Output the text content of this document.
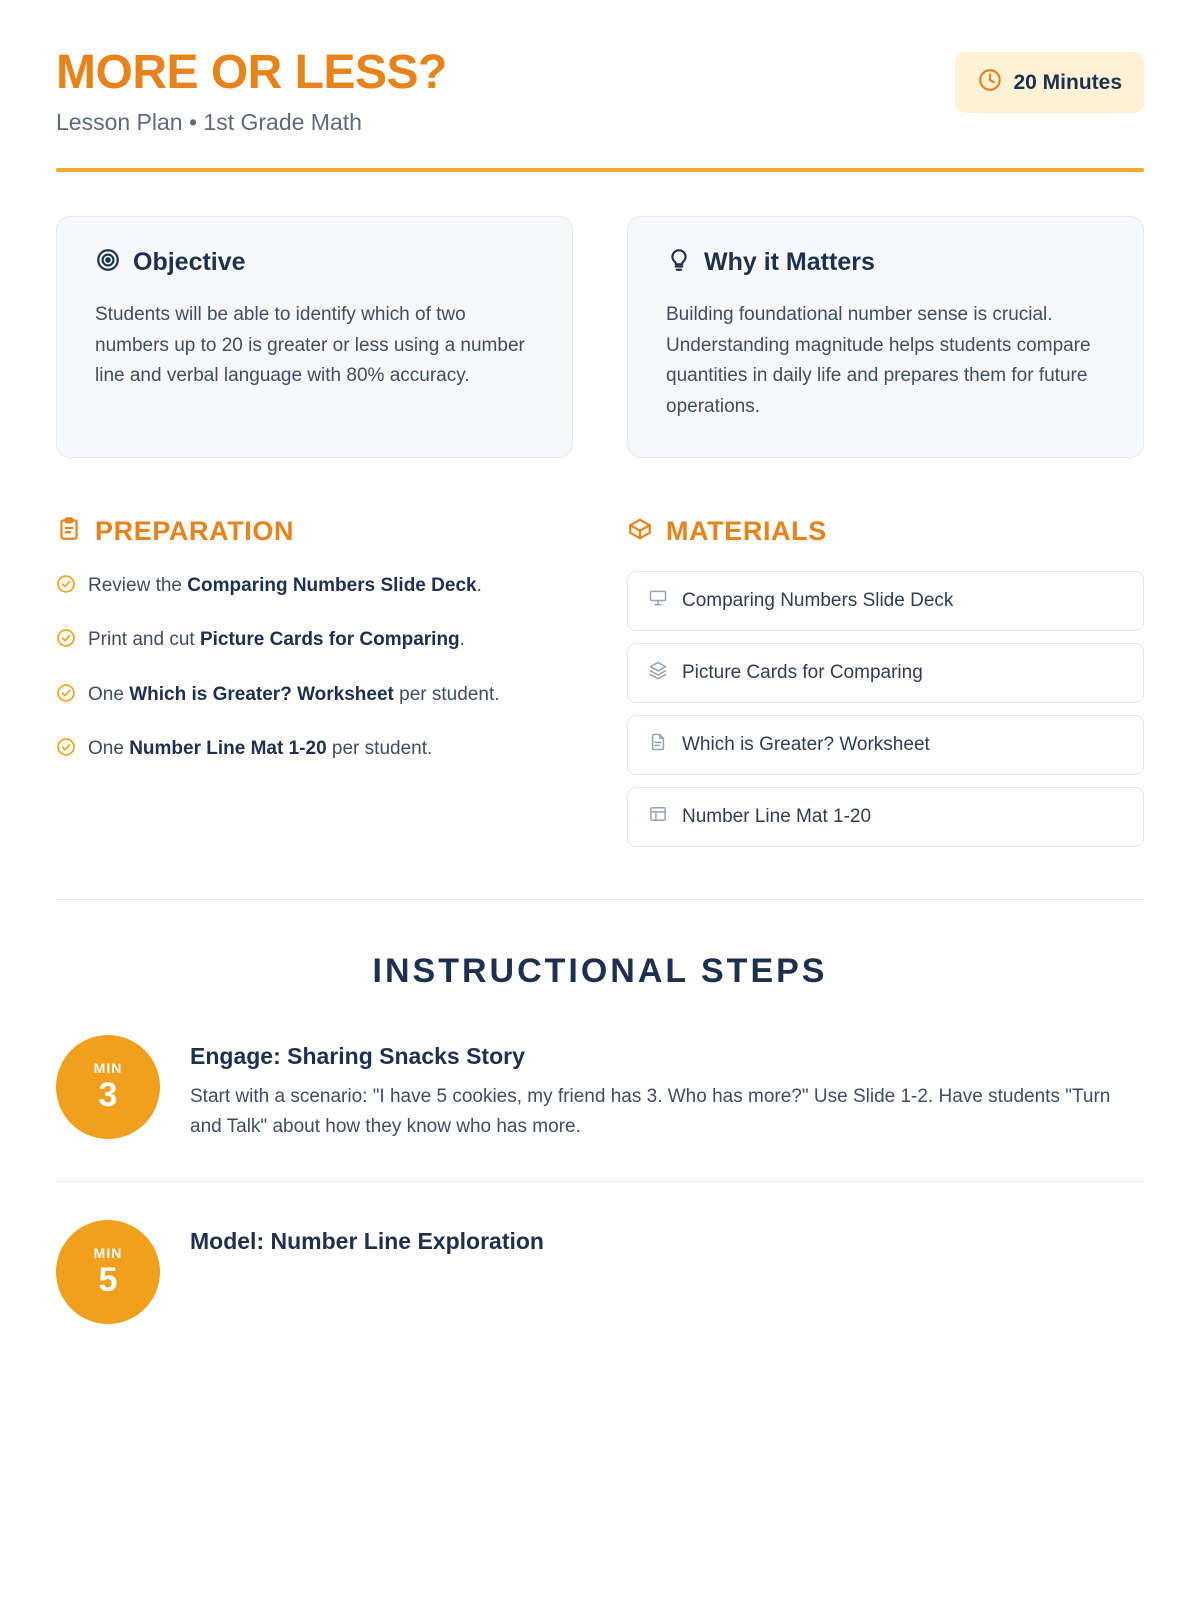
MORE OR LESS?

Lesson Plan • 1st Grade Math

20 Minutes
Objective
Students will be able to identify which of two numbers up to 20 is greater or less using a number line and verbal language with 80% accuracy.
Why it Matters
Building foundational number sense is crucial. Understanding magnitude helps students compare quantities in daily life and prepares them for future operations.
PREPARATION
Review the Comparing Numbers Slide Deck.
Print and cut Picture Cards for Comparing.
One Which is Greater? Worksheet per student.
One Number Line Mat 1-20 per student.
MATERIALS
Comparing Numbers Slide Deck
Picture Cards for Comparing
Which is Greater? Worksheet
Number Line Mat 1-20
INSTRUCTIONAL STEPS
MIN
3
Engage: Sharing Snacks Story

Start with a scenario: "I have 5 cookies, my friend has 3. Who has more?" Use Slide 1-2. Have students "Turn and Talk" about how they know who has more.

MIN
5
Model: Number Line Exploration
